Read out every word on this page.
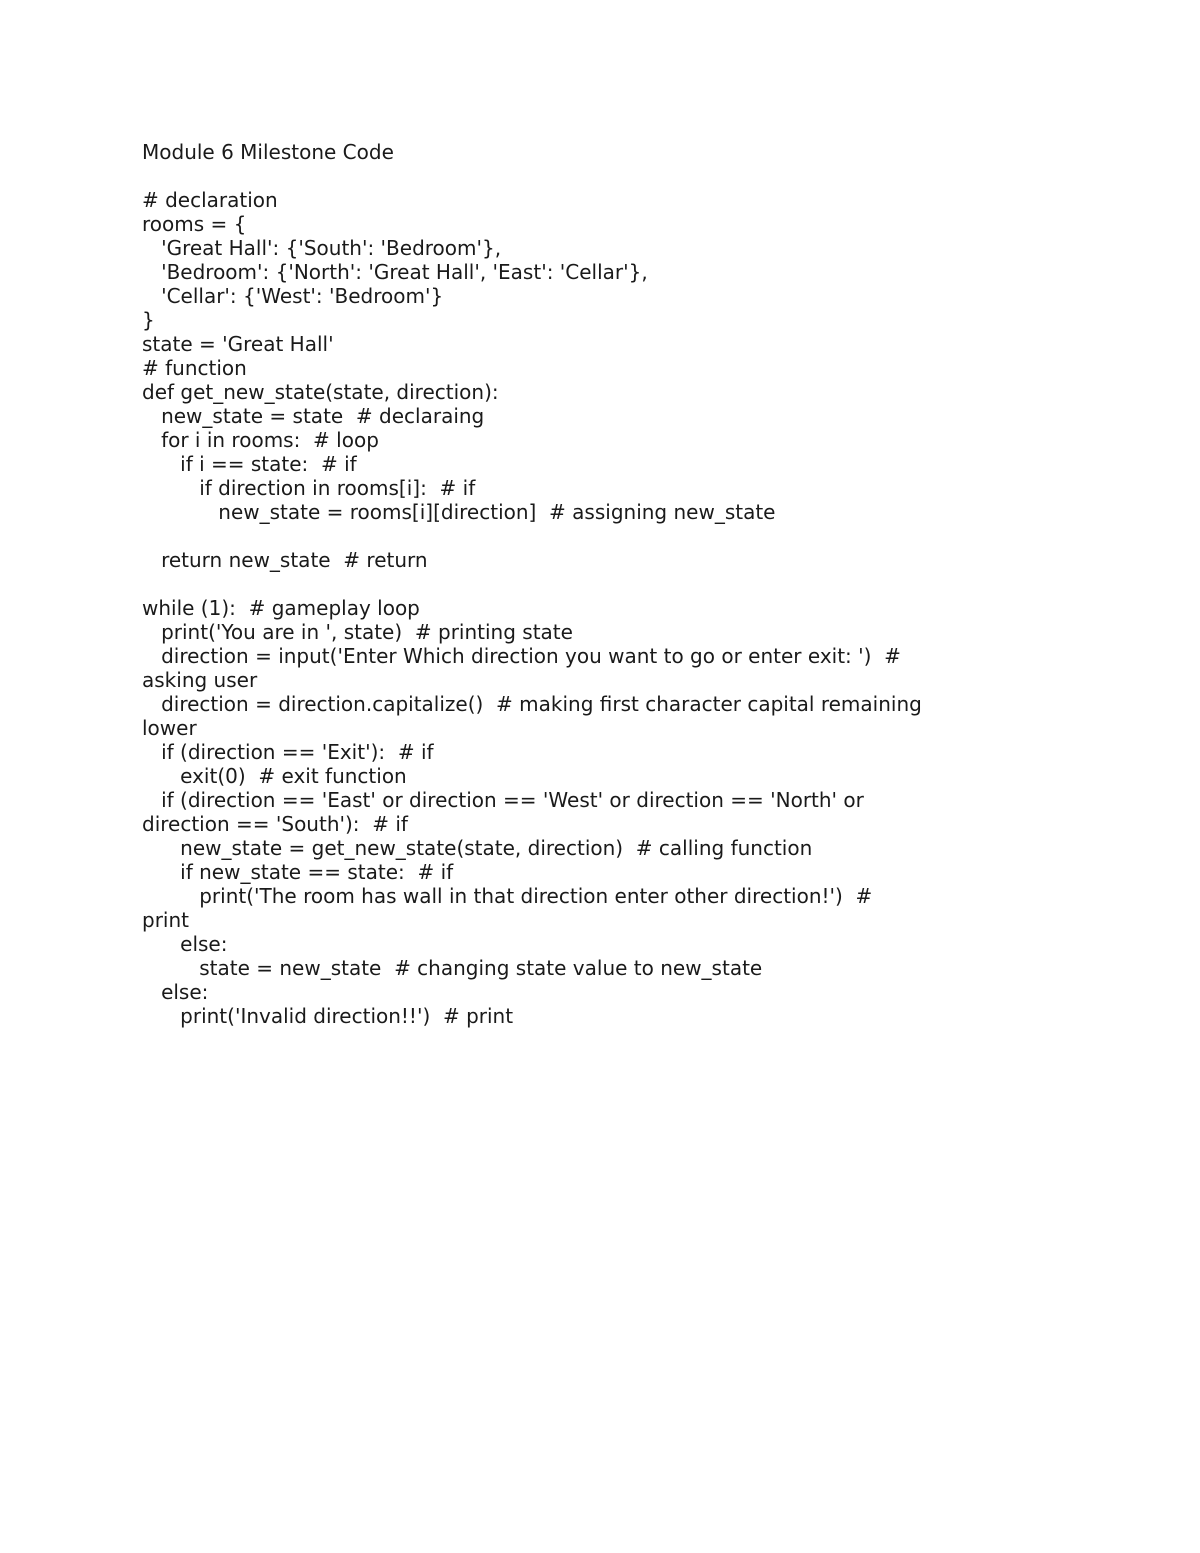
Module 6 Milestone Code
# declaration
rooms = {
'Great Hall': {'South': 'Bedroom'},
'Bedroom': {'North': 'Great Hall', 'East': 'Cellar'},
'Cellar': {'West': 'Bedroom'}
}
state = 'Great Hall'
# function
def get_new_state(state, direction):
new_state = state  # declaraing
for i in rooms:  # loop
if i == state:  # if
if direction in rooms[i]:  # if
new_state = rooms[i][direction]  # assigning new_state
return new_state  # return
while (1):  # gameplay loop
print('You are in ', state)  # printing state
direction = input('Enter Which direction you want to go or enter exit: ')  #
asking user
direction = direction.capitalize()  # making first character capital remaining
lower
if (direction == 'Exit'):  # if
exit(0)  # exit function
if (direction == 'East' or direction == 'West' or direction == 'North' or
direction == 'South'):  # if
new_state = get_new_state(state, direction)  # calling function
if new_state == state:  # if
print('The room has wall in that direction enter other direction!')  #
print
else:
state = new_state  # changing state value to new_state
else:
print('Invalid direction!!')  # print
